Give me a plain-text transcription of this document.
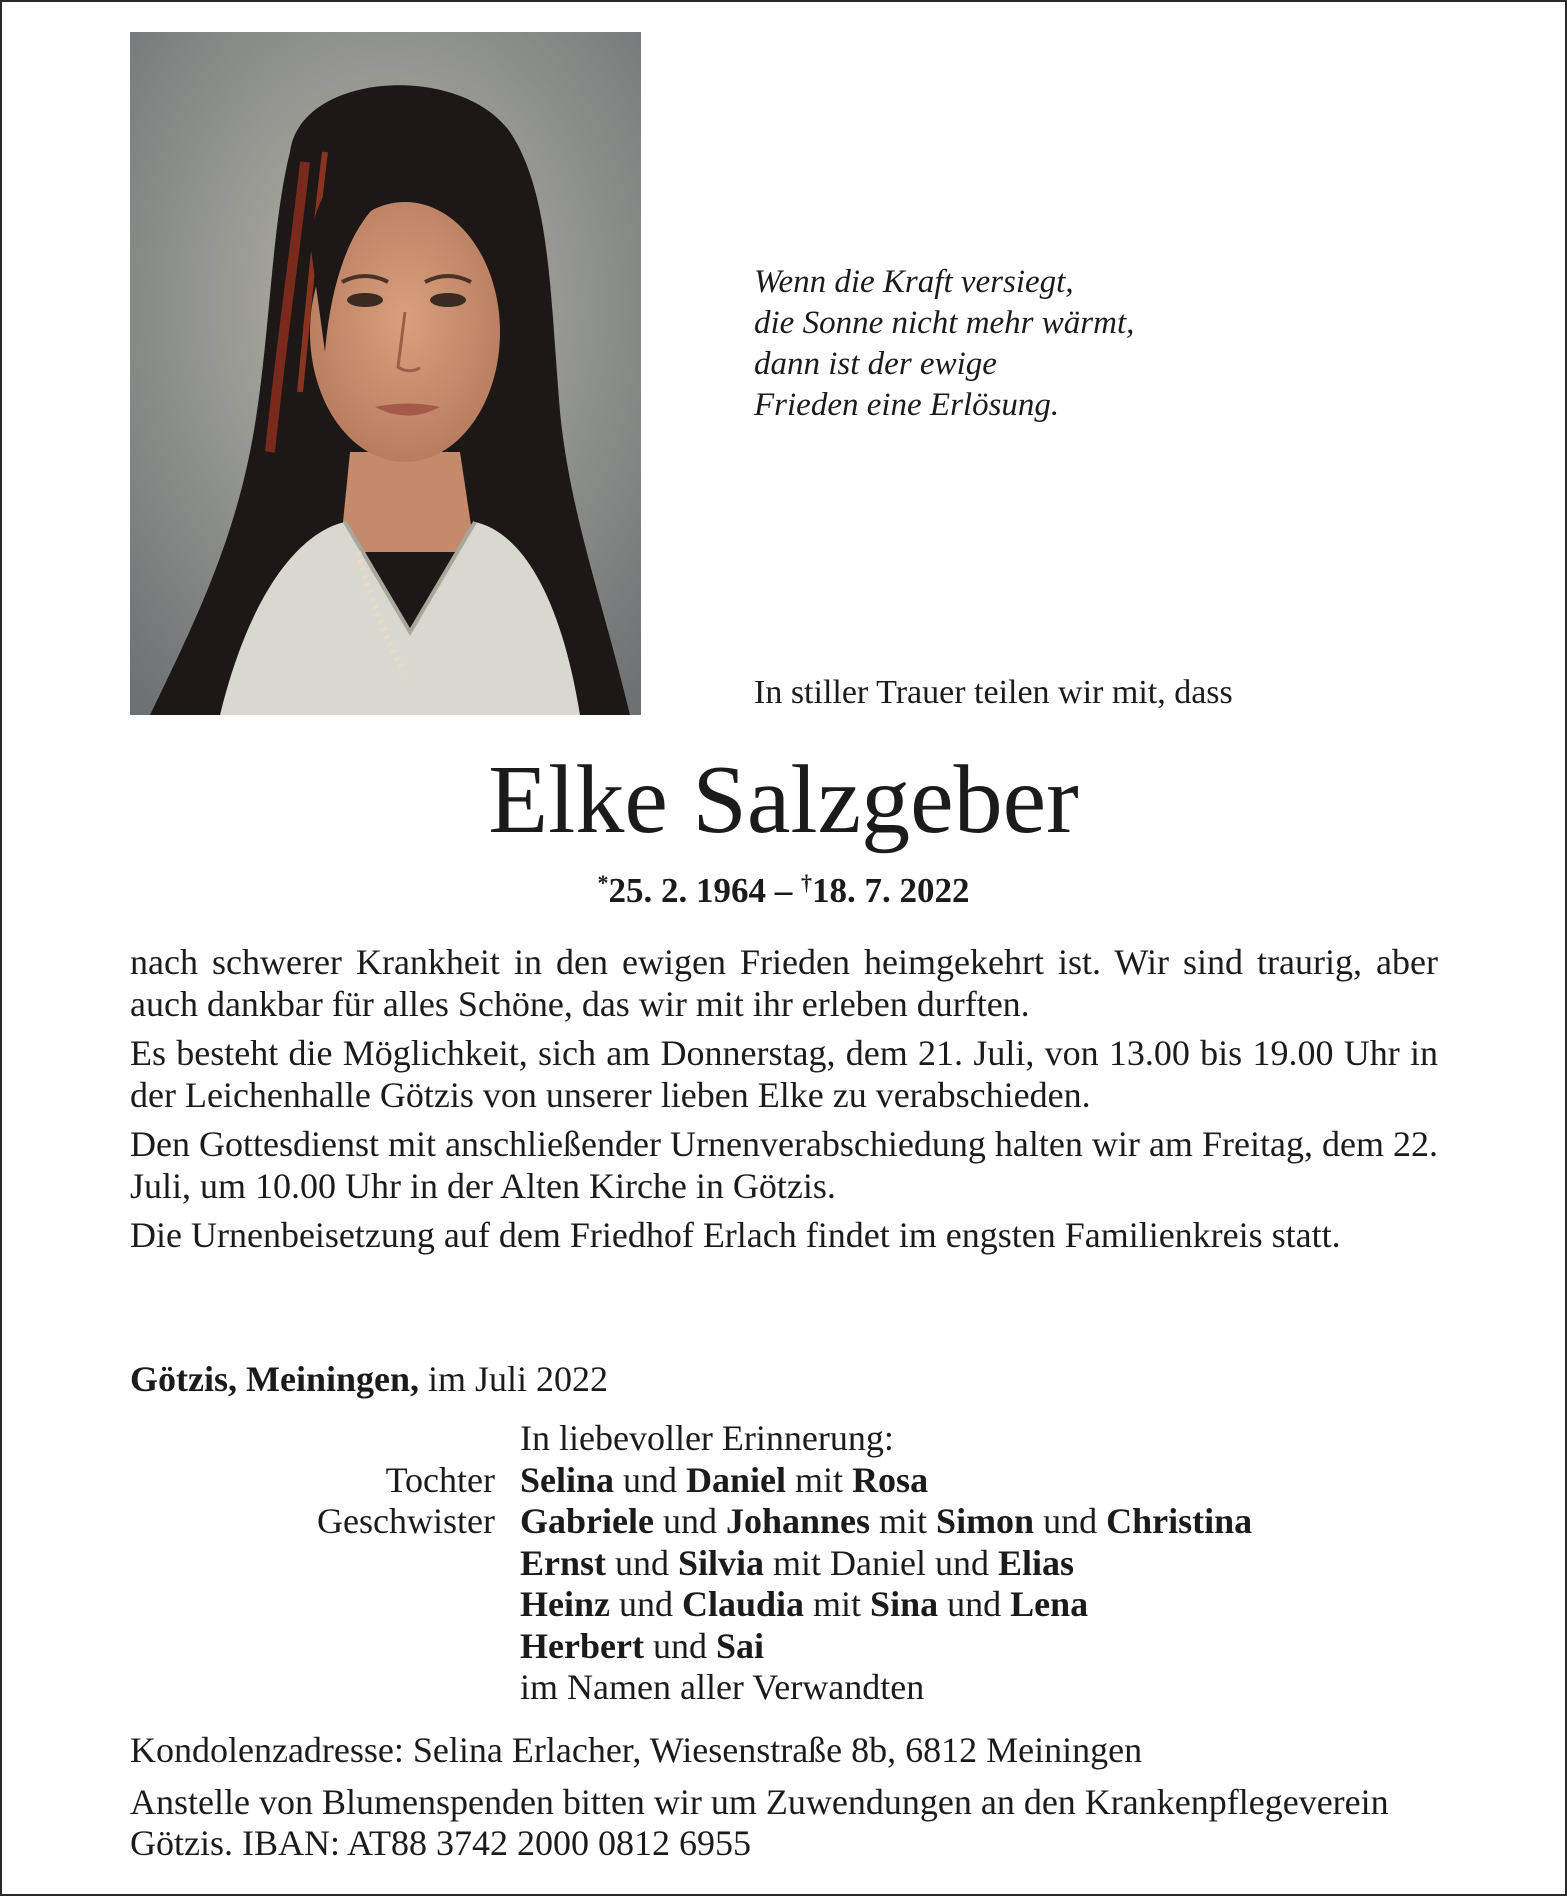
Wenn die Kraft versiegt,
die Sonne nicht mehr wärmt,
dann ist der ewige
Frieden eine Erlösung.
In stiller Trauer teilen wir mit, dass
Elke Salzgeber
*25. 2. 1964 – †18. 7. 2022

nach schwerer Krankheit in den ewigen Frieden heimgekehrt ist. Wir sind traurig, aber auch dankbar für alles Schöne, das wir mit ihr erleben durften.

Es besteht die Möglichkeit, sich am Donnerstag, dem 21. Juli, von 13.00 bis 19.00 Uhr in der Leichenhalle Götzis von unserer lieben Elke zu verabschieden.

Den Gottesdienst mit anschließender Urnenverabschiedung halten wir am Freitag, dem 22. Juli, um 10.00 Uhr in der Alten Kirche in Götzis.

Die Urnenbeisetzung auf dem Friedhof Erlach findet im engsten Familienkreis statt.

Götzis, Meiningen, im Juli 2022
In liebevoller Erinnerung:
Tochter Selina und Daniel mit Rosa
Geschwister Gabriele und Johannes mit Simon und Christina
Ernst und Silvia mit Daniel und Elias
Heinz und Claudia mit Sina und Lena
Herbert und Sai
im Namen aller Verwandten

Kondolenzadresse: Selina Erlacher, Wiesenstraße 8b, 6812 Meiningen

Anstelle von Blumenspenden bitten wir um Zuwendungen an den Krankenpflegeverein Götzis. IBAN: AT88 3742 2000 0812 6955
